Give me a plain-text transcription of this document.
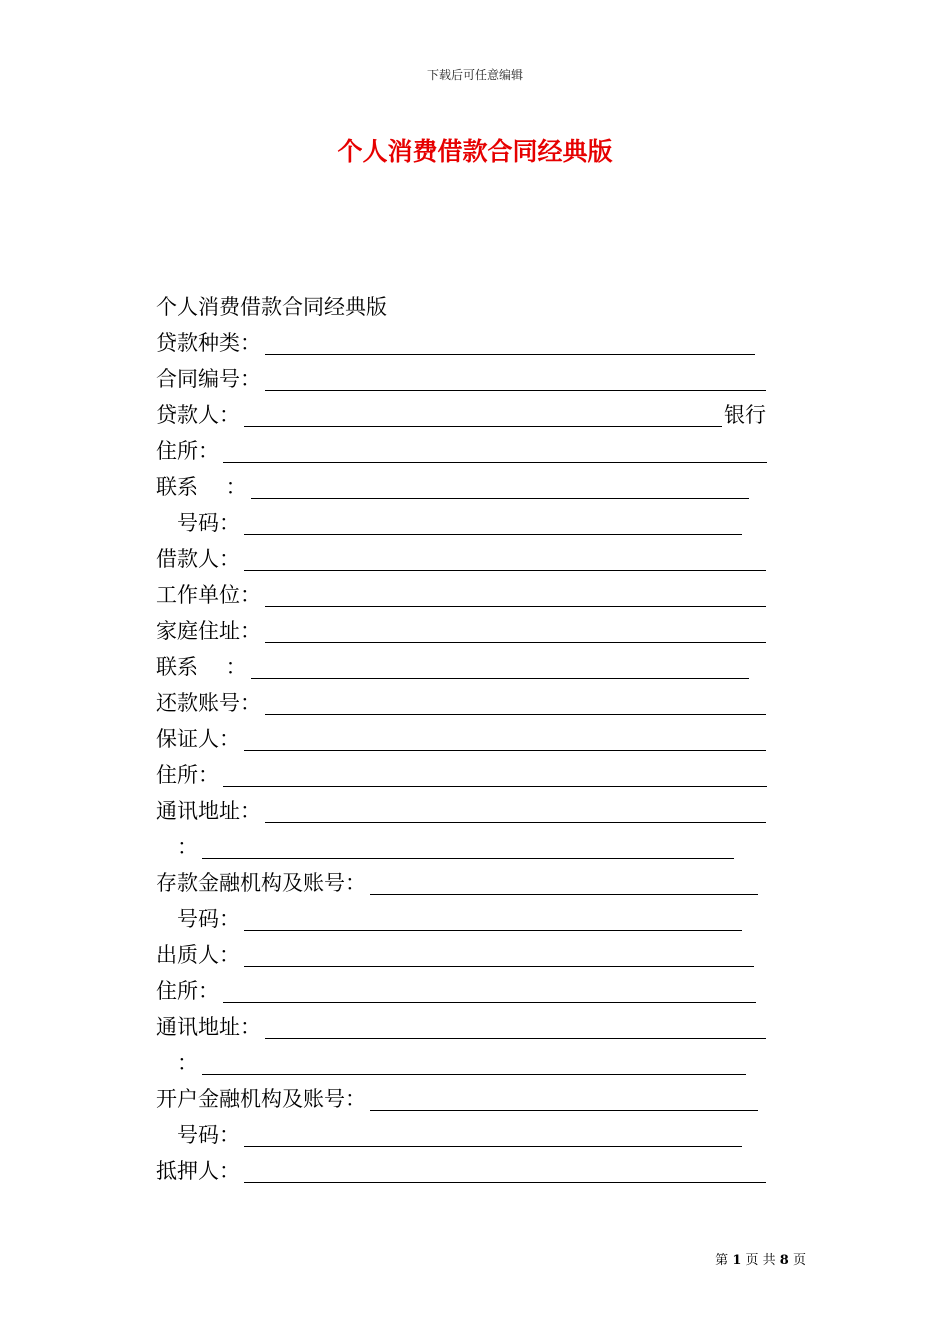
下载后可任意编辑
个人消费借款合同经典版
个人消费借款合同经典版
贷款种类：
合同编号：
贷款人：	银行
住所：
联系　 ：
　号码：
借款人：
工作单位：
家庭住址：
联系　 ：
还款账号：
保证人：
住所：
通讯地址：
　：
存款金融机构及账号：
　号码：
出质人：
住所：
通讯地址：
　：
开户金融机构及账号：
　号码：
抵押人：
第 1 页 共 8 页
